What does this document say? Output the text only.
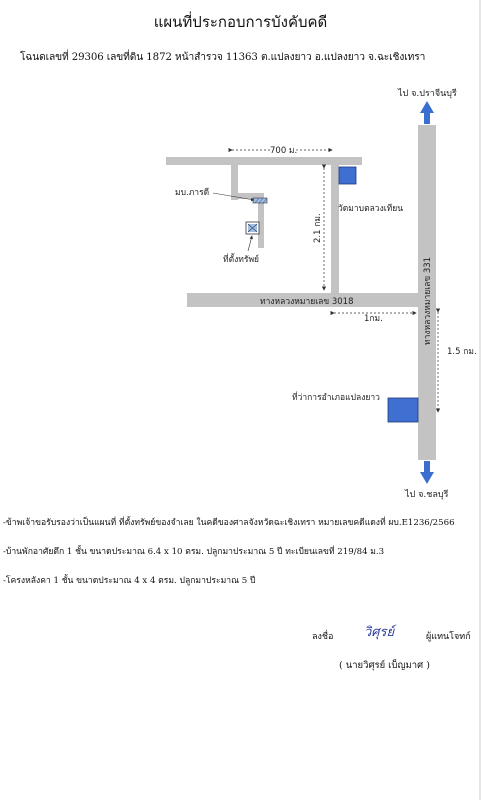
แผนที่ประกอบการบังคับคดี
โฉนดเลขที่ 29306 เลขที่ดิน 1872 หน้าสำรวจ 11363 ต.แปลงยาว อ.แปลงยาว จ.ฉะเชิงเทรา
ไป จ.ปราจีนบุรี
ไป จ.ชลบุรี
วัดมาบตลวงเทียน
มบ.ภารดี
ที่ตั้งทรัพย์
ที่ว่าการอำเภอแปลงยาว
ทางหลวงหมายเลข 3018	ทางหลวงหมายเลข 331
700 ม.
2.1 กม.
1กม.
1.5 กม.
-ข้าพเจ้าขอรับรองว่าเป็นแผนที่ ที่ตั้งทรัพย์ของจำเลย ในคดีของศาลจังหวัดฉะเชิงเทรา หมายเลขคดีแดงที่ ผบ.E1236/2566
-บ้านพักอาศัยตึก 1 ชั้น ขนาดประมาณ 6.4 x 10 ตรม. ปลูกมาประมาณ 5 ปี ทะเบียนเลขที่ 219/84 ม.3
-โครงหลังคา 1 ชั้น ขนาดประมาณ 4 x 4 ตรม. ปลูกมาประมาณ 5 ปี
ลงชื่อ วิศุรย์	ผู้แทนโจทก์
( นายวิศุรย์ เบ็ญมาศ )
